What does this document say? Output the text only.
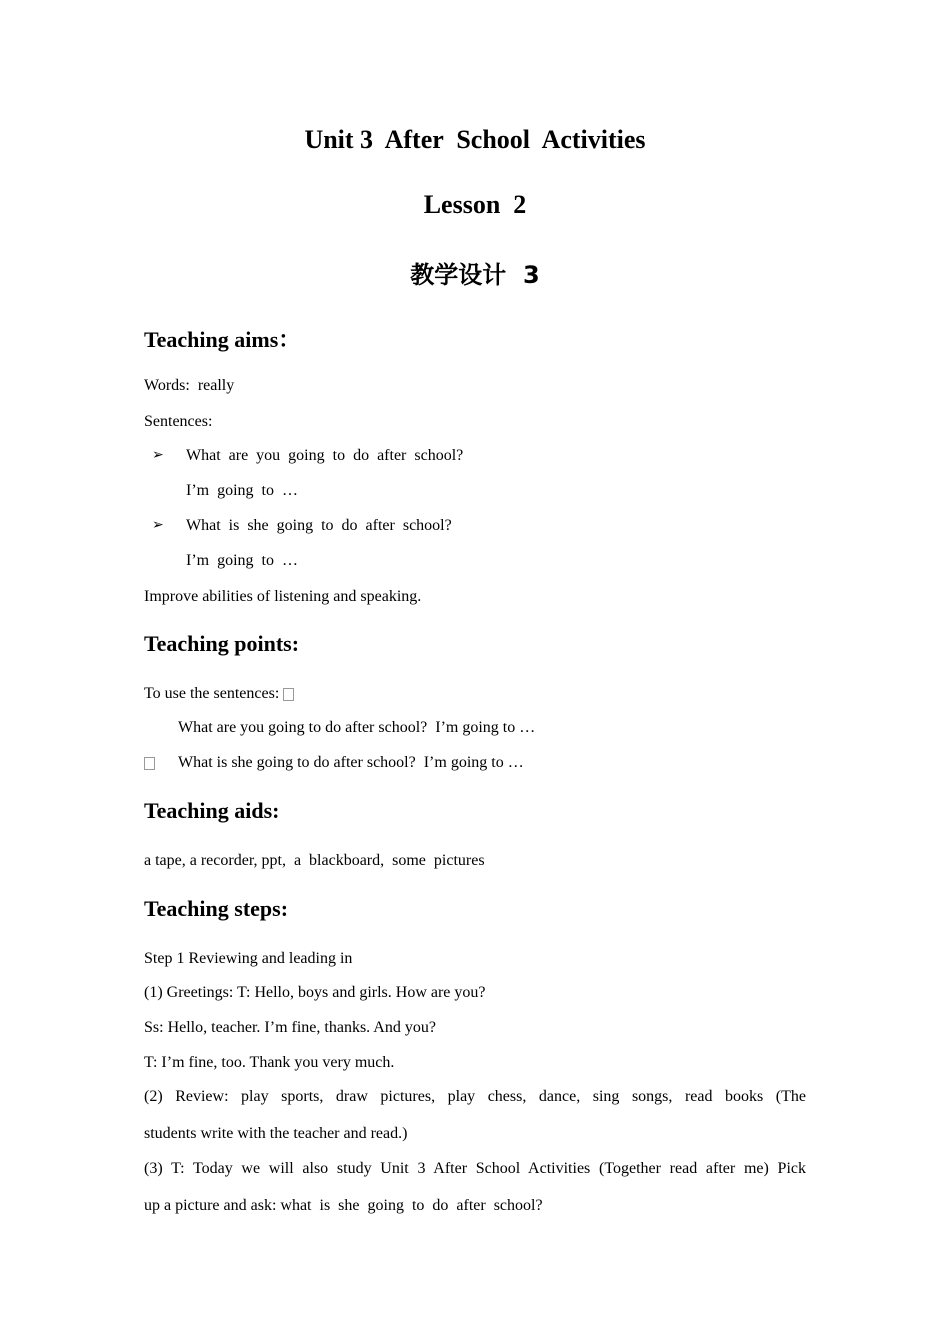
Unit 3  After  School  Activities
Lesson  2
教学设计  3
Teaching aims：
Words:  really
Sentences:
➢ What  are  you  going  to  do  after  school?
I’m  going  to  …
➢ What  is  she  going  to  do  after  school?
I’m  going  to  …
Improve abilities of listening and speaking.
Teaching points:
To use the sentences:
What are you going to do after school?  I’m going to …
What is she going to do after school?  I’m going to …
Teaching aids:
a tape, a recorder, ppt,  a  blackboard,  some  pictures
Teaching steps:
Step 1 Reviewing and leading in
(1) Greetings: T: Hello, boys and girls. How are you?
Ss: Hello, teacher. I’m fine, thanks. And you?
T: I’m fine, too. Thank you very much.
(2) Review: play sports, draw pictures, play chess, dance, sing songs, read books (The
students write with the teacher and read.)
(3) T: Today we will also study Unit 3 After School Activities (Together read after me) Pick
up a picture and ask: what  is  she  going  to  do  after  school?
